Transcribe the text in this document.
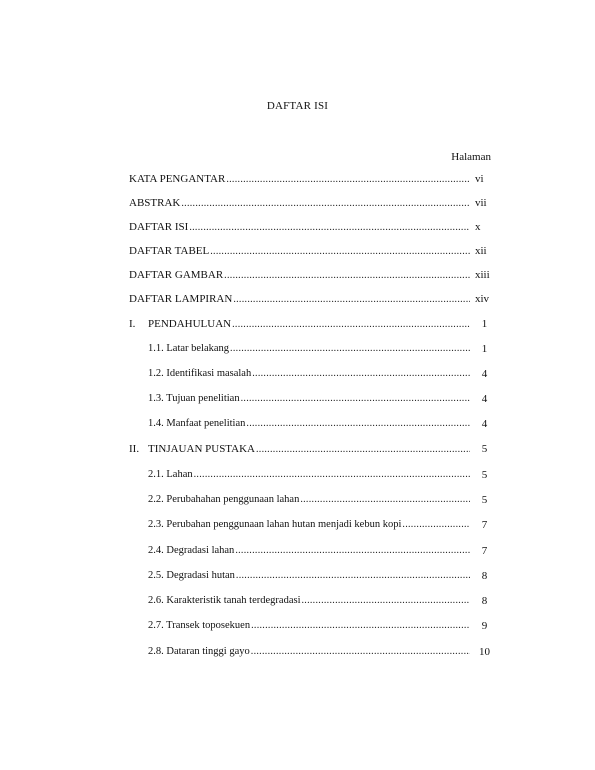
DAFTAR ISI
Halaman
KATA PENGANTAR .....	vi
ABSTRAK .....	vii
DAFTAR ISI .....	x
DAFTAR TABEL .....	xii
DAFTAR GAMBAR .....	xiii
DAFTAR LAMPIRAN .....	xiv
I.	PENDAHULUAN .....	1
1.1. Latar belakang .....	1
1.2. Identifikasi masalah .....	4
1.3. Tujuan penelitian .....	4
1.4. Manfaat penelitian .....	4
II. TINJAUAN PUSTAKA .....	5
2.1. Lahan .....	5
2.2. Perubahahan penggunaan lahan .....	5
2.3. Perubahan penggunaan lahan hutan menjadi kebun kopi .....	7
2.4. Degradasi lahan .....	7
2.5. Degradasi hutan .....	8
2.6. Karakteristik tanah terdegradasi .....	8
2.7. Transek toposekuen .....	9
2.8. Dataran tinggi gayo .....	10
